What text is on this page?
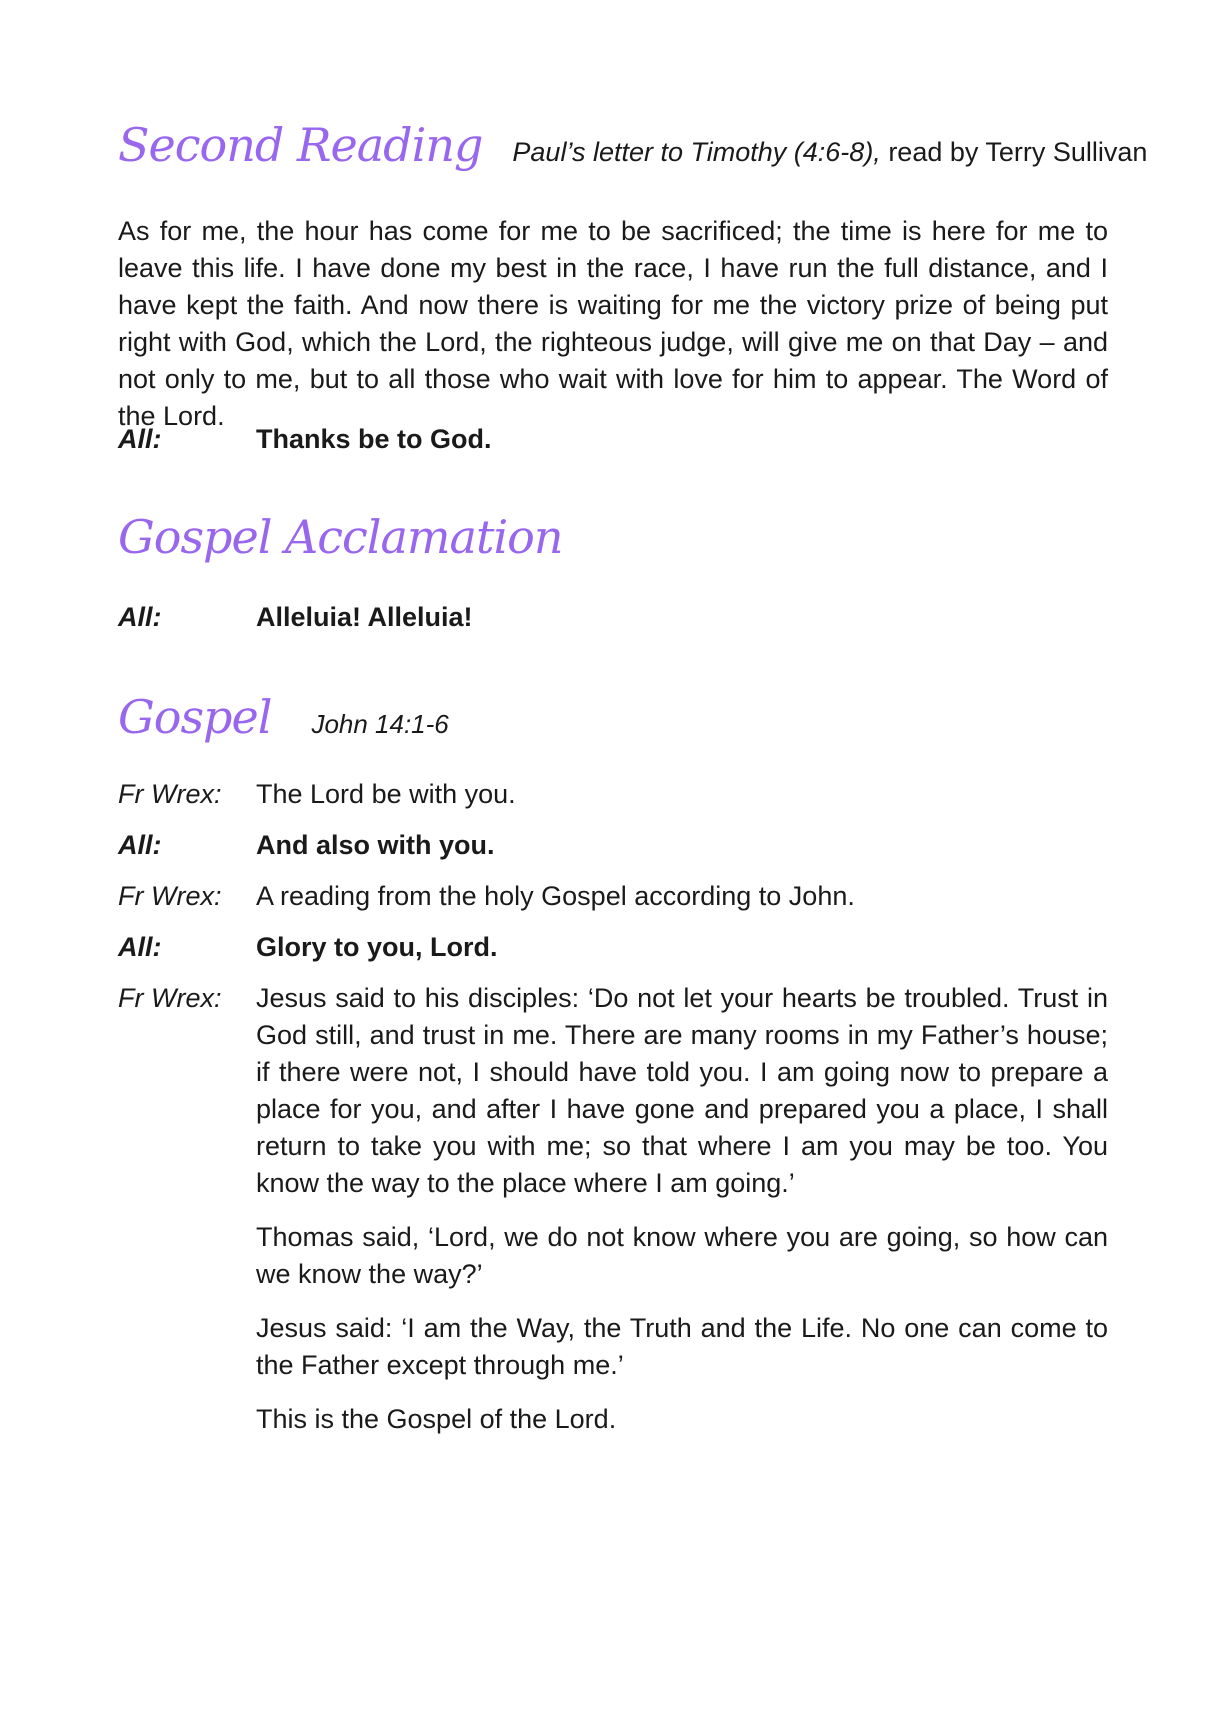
Second Reading Paul’s letter to Timothy (4:6-8), read by Terry Sullivan

As for me, the hour has come for me to be sacrificed; the time is here for me to leave this life. I have done my best in the race, I have run the full distance, and I have kept the faith. And now there is waiting for me the victory prize of being put right with God, which the Lord, the righteous judge, will give me on that Day – and not only to me, but to all those who wait with love for him to appear. The Word of the Lord.

All:	Thanks be to God.
Gospel Acclamation
All:	Alleluia! Alleluia!
Gospel John 14:1-6
Fr Wrex:	The Lord be with you.
All:	And also with you.
Fr Wrex:	A reading from the holy Gospel according to John.
All:	Glory to you, Lord.
Fr Wrex:	Jesus said to his disciples: ‘Do not let your hearts be troubled. Trust in God still, and trust in me. There are many rooms in my Father’s house; if there were not, I should have told you. I am going now to prepare a place for you, and after I have gone and prepared you a place, I shall return to take you with me; so that where I am you may be too. You know the way to the place where I am going.’

Thomas said, ‘Lord, we do not know where you are going, so how can we know the way?’

Jesus said: ‘I am the Way, the Truth and the Life. No one can come to the Father except through me.’

This is the Gospel of the Lord.
